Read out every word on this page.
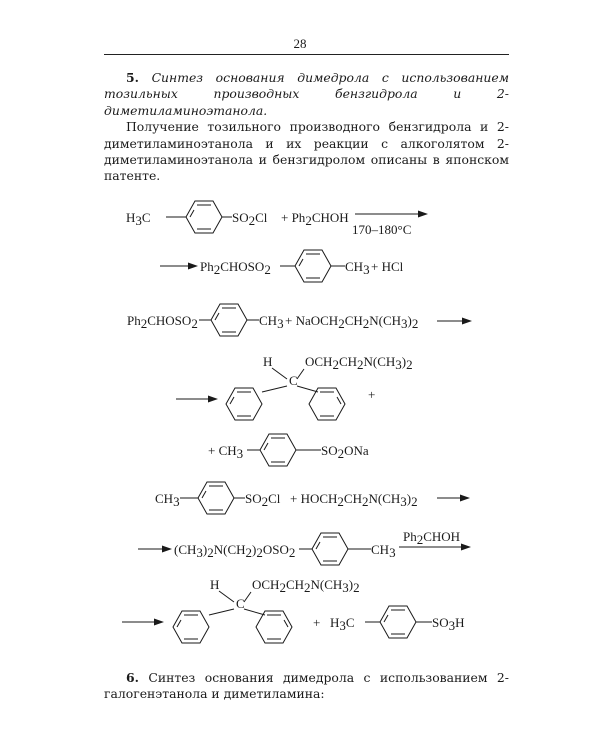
28

5. Синтез основания димедрола с использованием тозильных производных бензгидрола и 2-диметиламиноэтанола.

Получение тозильного производного бензгидрола и 2-диметиламиноэтанола и их реакции с алкоголятом 2-диметиламиноэтанола и бензгидролом описаны в японском патенте.

H3C	SO2Cl + Ph2CHOH
170–180°C
Ph2CHOSO2	CH3 + HCl
Ph2CHOSO2	CH3 + NaOCH2CH2N(CH3)2
H
C
OCH2CH2N(CH3)2
+
+ CH3	SO2ONa
CH3	SO2Cl + HOCH2CH2N(CH3)2
(CH3)2N(CH2)2OSO2	CH3
Ph2CHOH
H
C
OCH2CH2N(CH3)2
+ H3C	SO3H

6. Синтез основания димедрола с использованием 2-галогенэтанола и диметиламина:
